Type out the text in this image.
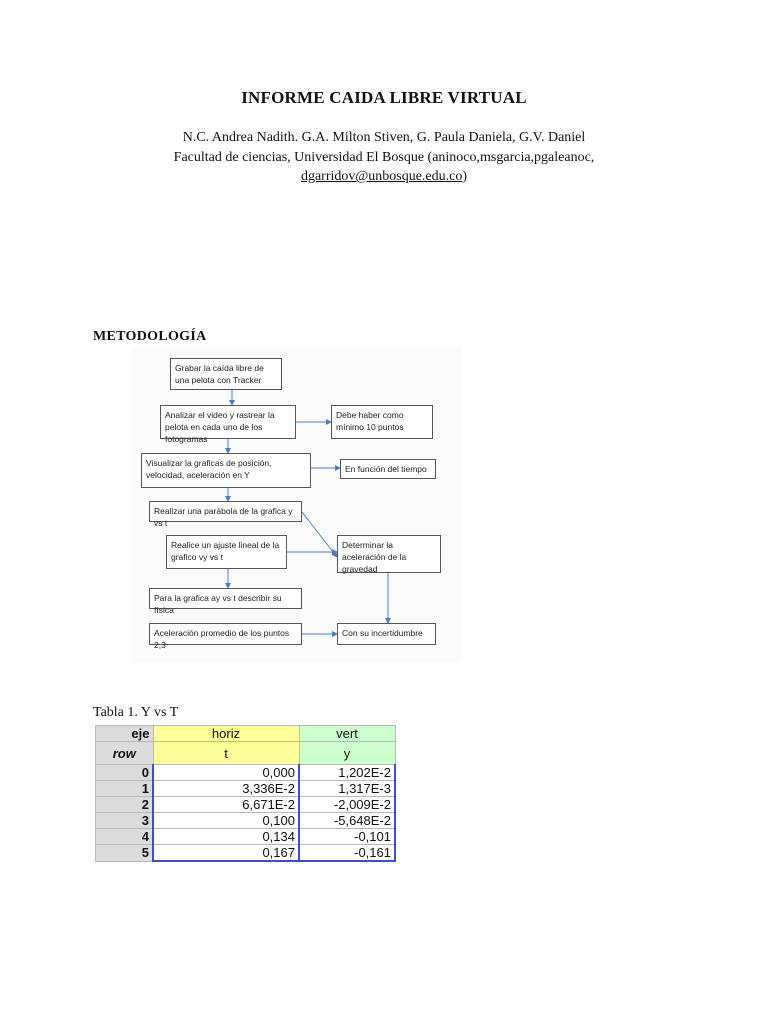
INFORME CAIDA LIBRE VIRTUAL
N.C. Andrea Nadith. G.A. Milton Stiven, G. Paula Daniela, G.V. Daniel
Facultad de ciencias, Universidad El Bosque (aninoco,msgarcia,pgaleanoc,
dgarridov@unbosque.edu.co)
METODOLOGÍA
Grabar la caída libre de una pelota con Tracker
Analizar el video y rastrear la pelota en cada uno de los fotogramas
Debe haber como mínimo 10 puntos
Visualizar la graficas de posición, velocidad, aceleración en Y
En función del tiempo
Realizar una parábola de la grafica y vs t
Realice un ajuste lineal de la grafico vy vs t
Determinar la aceleración de la gravedad
Para la grafica ay vs t describir su física
Aceleración promedio de los puntos 2,3
Con su incertidumbre
Tabla 1. Y vs T
eje	horiz	vert
row	t	y
0	0,000	1,202E-2
1	3,336E-2	1,317E-3
2	6,671E-2	-2,009E-2
3	0,100	-5,648E-2
4	0,134	-0,101
5	0,167	-0,161
